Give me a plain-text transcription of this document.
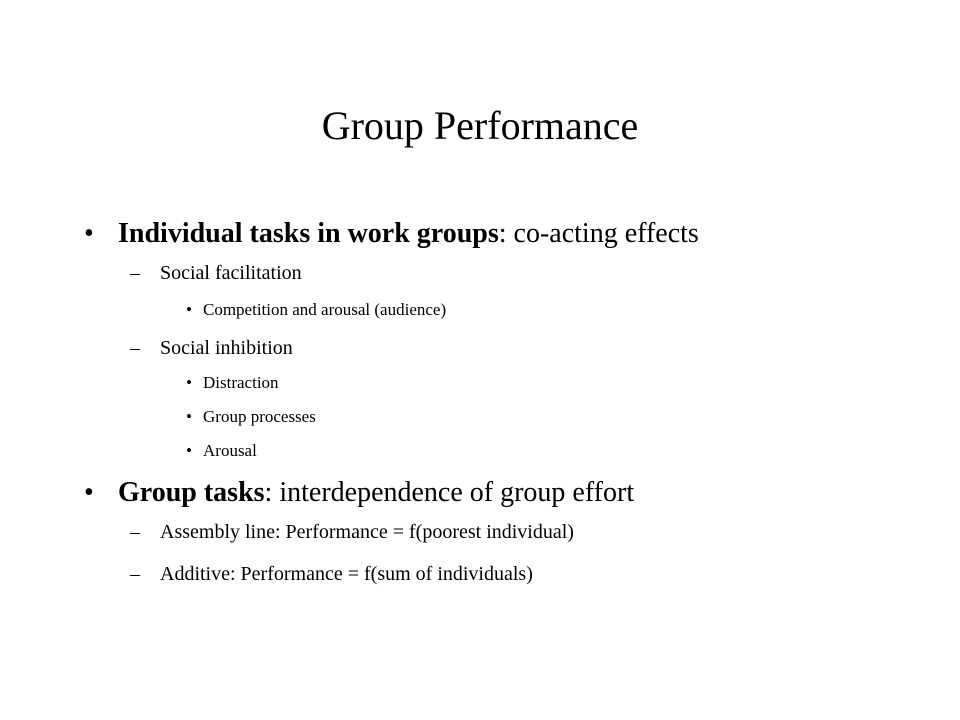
Group Performance
• Individual tasks in work groups: co-acting effects
– Social facilitation
• Competition and arousal (audience)
– Social inhibition
• Distraction
• Group processes
• Arousal
• Group tasks: interdependence of group effort
– Assembly line: Performance = f(poorest individual)
– Additive: Performance = f(sum of individuals)
